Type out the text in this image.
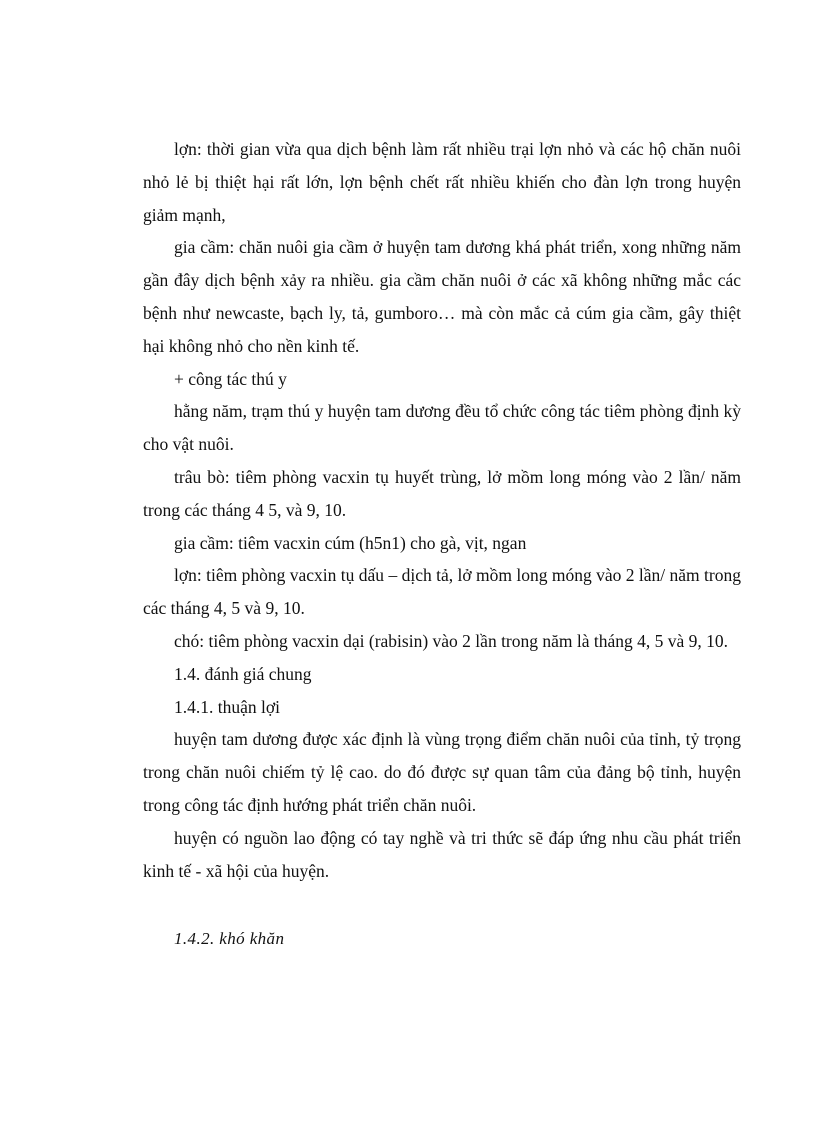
lợn: thời gian vừa qua dịch bệnh làm rất nhiều trại lợn nhỏ và các hộ chăn nuôi nhỏ lẻ bị thiệt hại rất lớn, lợn bệnh chết rất nhiều khiến cho đàn lợn trong huyện giảm mạnh,

gia cầm: chăn nuôi gia cầm ở huyện tam dương khá phát triển, xong những năm gần đây dịch bệnh xảy ra nhiều. gia cầm chăn nuôi ở các xã không những mắc các bệnh như newcaste, bạch ly, tả, gumboro… mà còn mắc cả cúm gia cầm, gây thiệt hại không nhỏ cho nền kinh tế.

+ công tác thú y

hằng năm, trạm thú y huyện tam dương đều tổ chức công tác tiêm phòng định kỳ cho vật nuôi.

trâu bò: tiêm phòng vacxin tụ huyết trùng, lở mồm long móng vào 2 lần/ năm trong các tháng 4 5, và 9, 10.

gia cầm: tiêm vacxin cúm (h5n1) cho gà, vịt, ngan

lợn: tiêm phòng vacxin tụ dấu – dịch tả, lở mồm long móng vào 2 lần/ năm trong các tháng 4, 5 và 9, 10.

chó: tiêm phòng vacxin dại (rabisin) vào 2 lần trong năm là tháng 4, 5 và 9, 10.

1.4. đánh giá chung

1.4.1. thuận lợi

huyện tam dương được xác định là vùng trọng điểm chăn nuôi của tỉnh, tỷ trọng trong chăn nuôi chiếm tỷ lệ cao. do đó được sự quan tâm của đảng bộ tỉnh, huyện trong công tác định hướng phát triển chăn nuôi.

huyện có nguồn lao động có tay nghề và tri thức sẽ đáp ứng nhu cầu phát triển kinh tế - xã hội của huyện.

1.4.2. khó khăn
